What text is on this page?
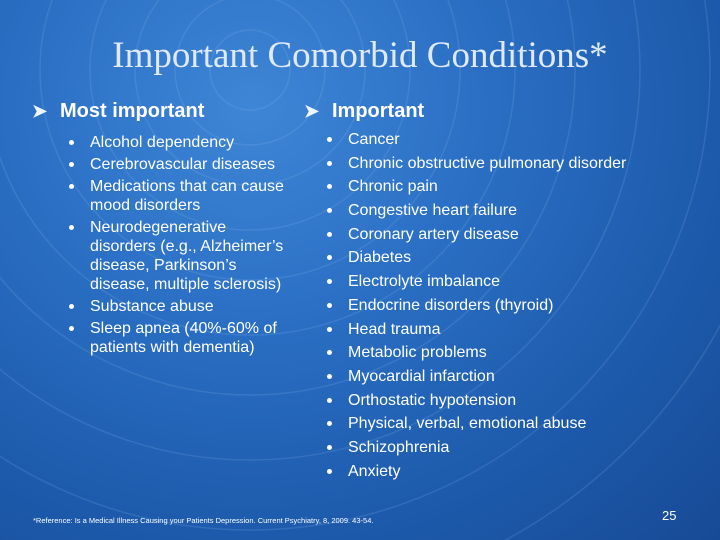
Important Comorbid Conditions*
➤ Most important
Alcohol dependency
Cerebrovascular diseases
Medications that can cause mood disorders
Neurodegenerative disorders (e.g., Alzheimer’s disease, Parkinson’s disease, multiple sclerosis)
Substance abuse
Sleep apnea (40%-60% of patients with dementia)
➤ Important
Cancer
Chronic obstructive pulmonary disorder
Chronic pain
Congestive heart failure
Coronary artery disease
Diabetes
Electrolyte imbalance
Endocrine disorders (thyroid)
Head trauma
Metabolic problems
Myocardial infarction
Orthostatic hypotension
Physical, verbal, emotional abuse
Schizophrenia
Anxiety
*Reference: Is a Medical Illness Causing your Patients Depression. Current Psychiatry, 8, 2009. 43-54.	25
